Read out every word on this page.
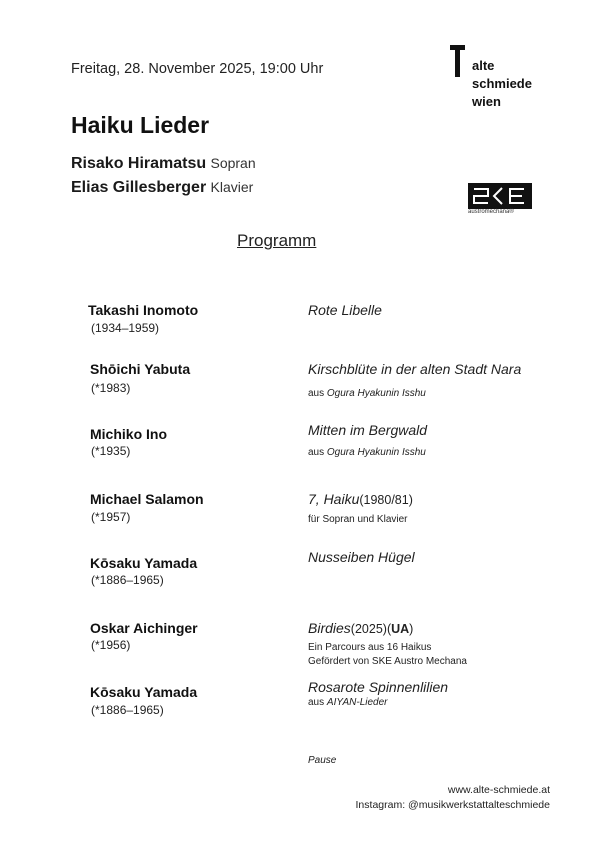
Freitag, 28. November 2025, 19:00 Uhr
Haiku Lieder
Risako Hiramatsu Sopran
Elias Gillesberger Klavier
alte
schmiede
wien
austromechana®
Programm
Takashi Inomoto
(1934–1959)
Rote Libelle
Shōichi Yabuta
(*1983)
Kirschblüte in der alten Stadt Nara
aus Ogura Hyakunin Isshu
Michiko Ino
(*1935)
Mitten im Bergwald
aus Ogura Hyakunin Isshu
Michael Salamon
(*1957)
7, Haiku(1980/81)
für Sopran und Klavier
Kōsaku Yamada
(*1886–1965)
Nusseiben Hügel
Oskar Aichinger
(*1956)
Birdies(2025)(UA)
Ein Parcours aus 16 Haikus
Gefördert von SKE Austro Mechana
Kōsaku Yamada
(*1886–1965)
Rosarote Spinnenlilien
aus AIYAN-Lieder
Pause
www.alte-schmiede.at
Instagram: @musikwerkstattalteschmiede
